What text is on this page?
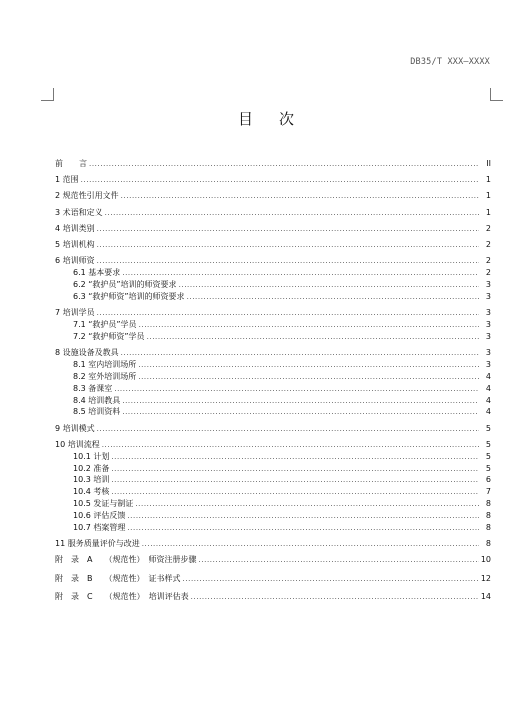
DB35/T XXX—XXXX
目次
前　　言 .....	II
1 范围 .....	1
2 规范性引用文件 .....	1
3 术语和定义 .....	1
4 培训类别 .....	2
5 培训机构 .....	2
6 培训师资 .....	2
6.1 基本要求 .....	2
6.2 “救护员”培训的师资要求 .....	3
6.3 “救护师资”培训的师资要求 .....	3
7 培训学员 .....	3
7.1 “救护员”学员 .....	3
7.2 “救护师资”学员 .....	3
8 设施设备及教具 .....	3
8.1 室内培训场所 .....	3
8.2 室外培训场所 .....	4
8.3 备课室 .....	4
8.4 培训教具 .....	4
8.5 培训资料 .....	4
9 培训模式 .....	5
10 培训流程 .....	5
10.1 计划 .....	5
10.2 准备 .....	5
10.3 培训 .....	6
10.4 考核 .....	7
10.5 发证与制证 .....	8
10.6 评估反馈 .....	8
10.7 档案管理 .....	8
11 服务质量评价与改进 .....	8
附　录　A　　（规范性）　师资注册步骤 .....	10
附　录　B　　（规范性）　证书样式 .....	12
附　录　C　　（规范性）　培训评估表 .....	14
